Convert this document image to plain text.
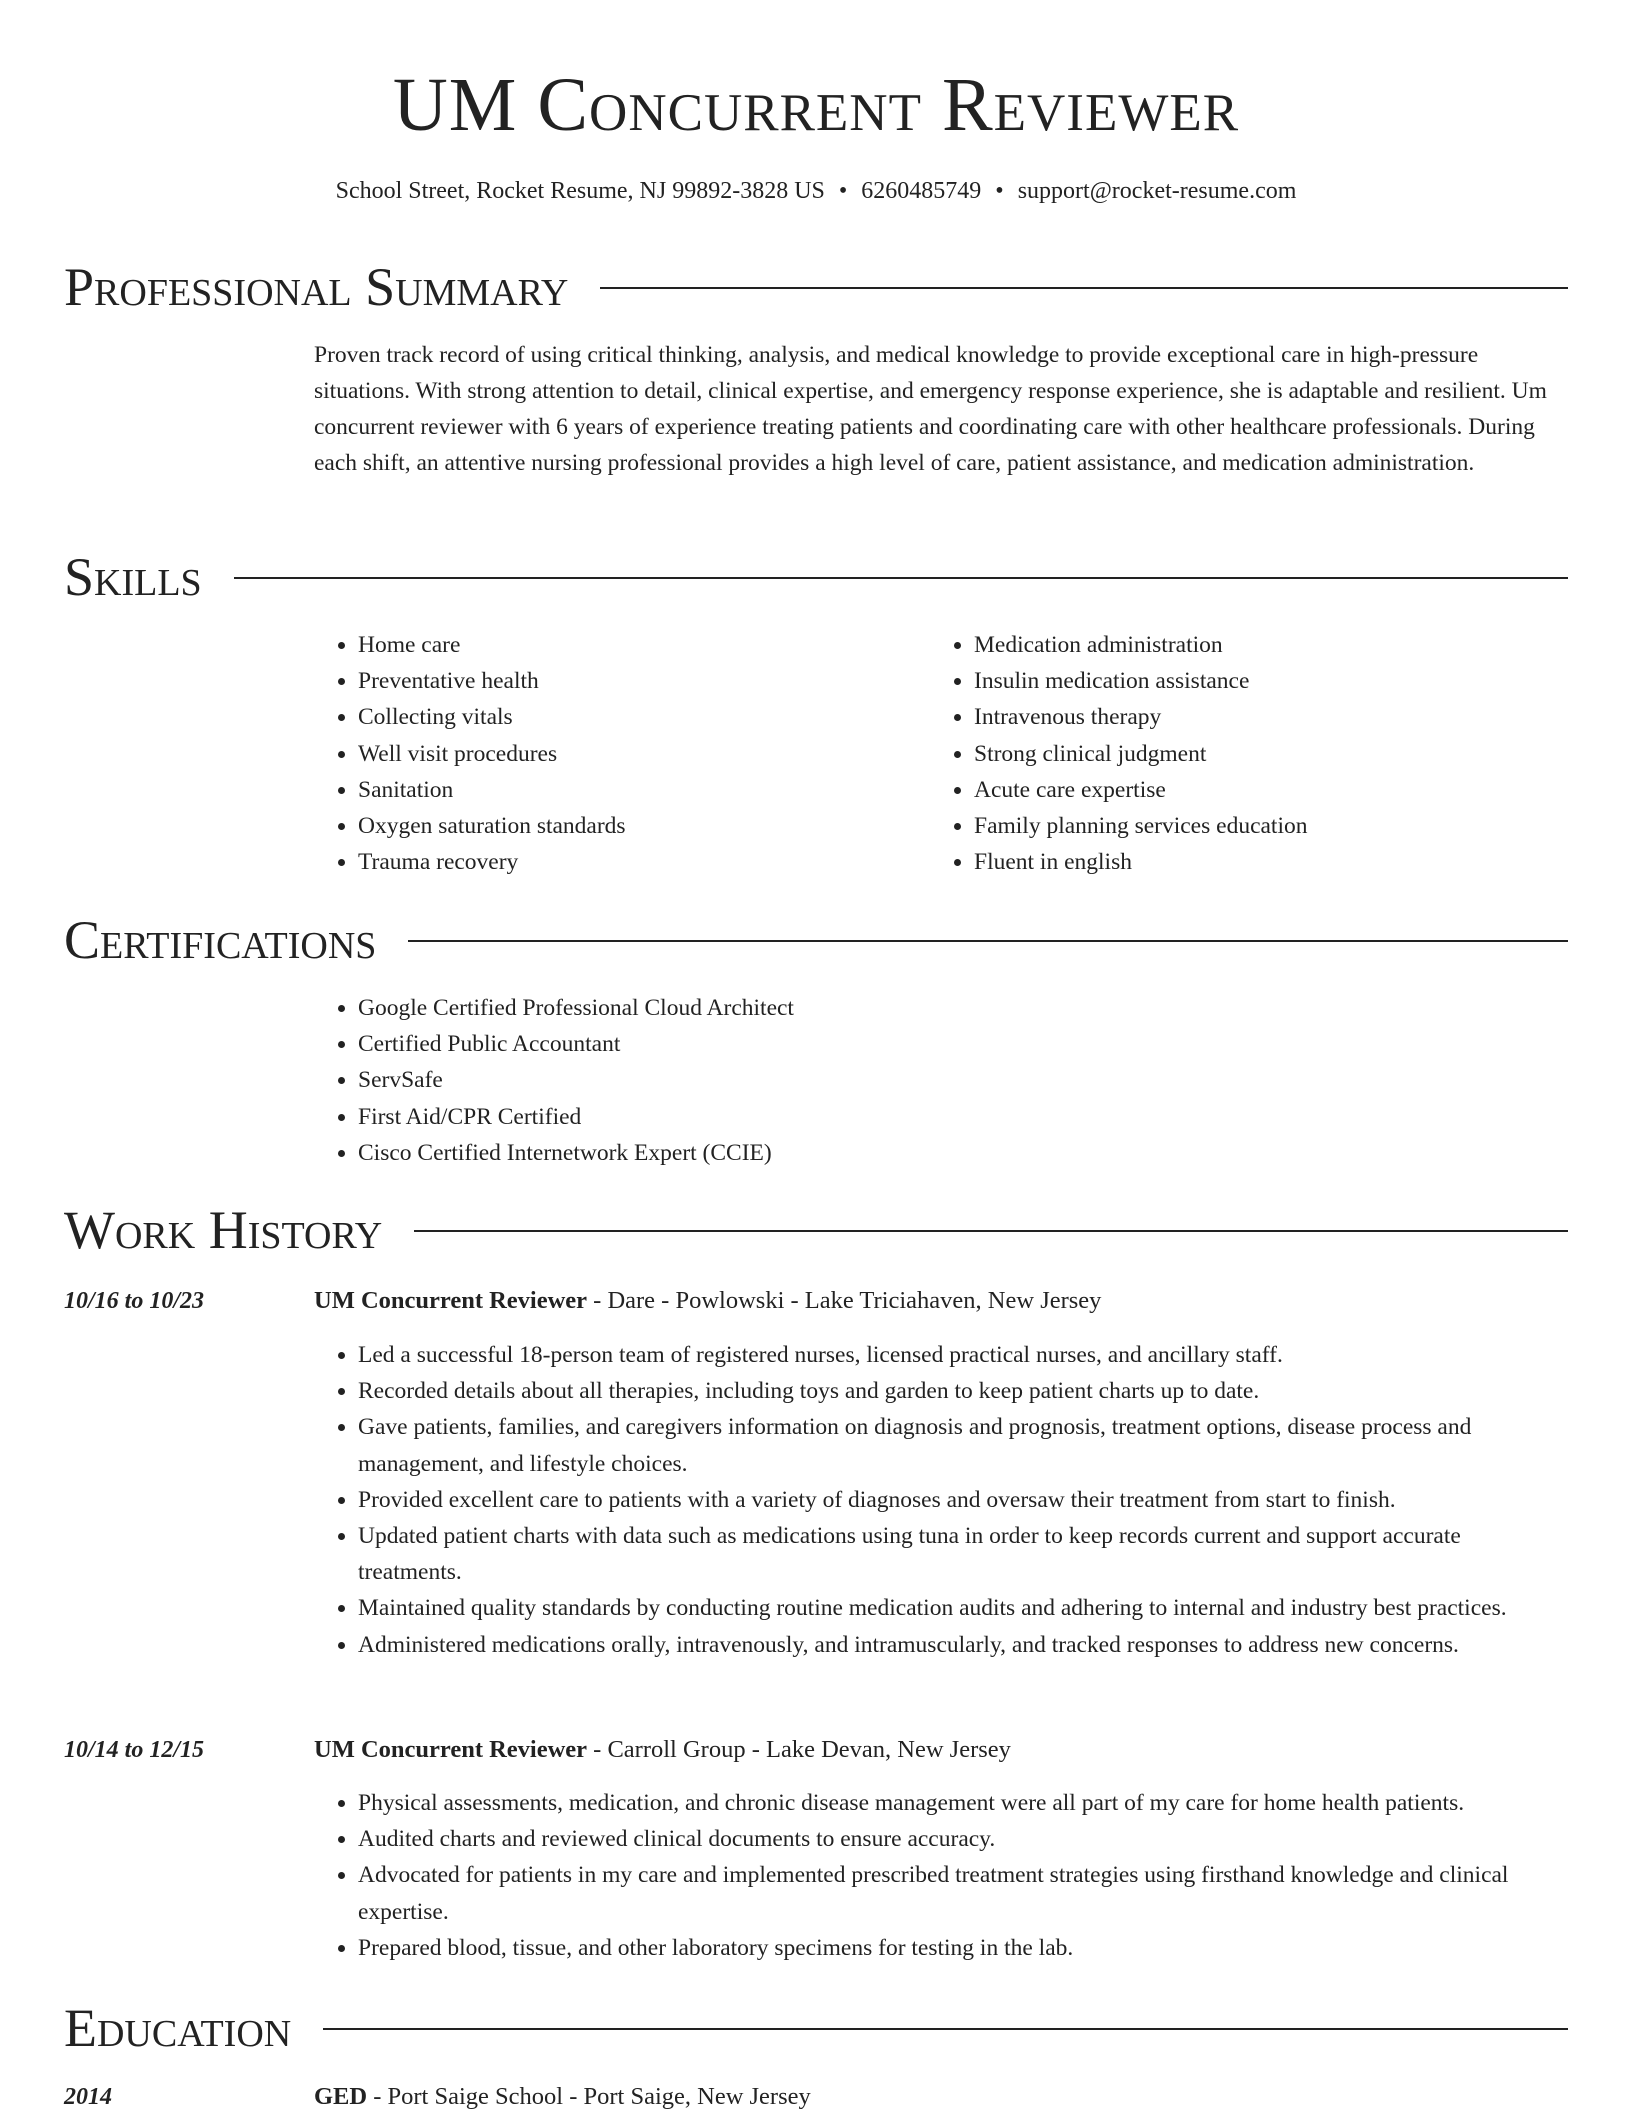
UM Concurrent Reviewer
School Street, Rocket Resume, NJ 99892-3828 US • 6260485749 • support@rocket-resume.com
Professional Summary
Proven track record of using critical thinking, analysis, and medical knowledge to provide exceptional care in high-pressure situations. With strong attention to detail, clinical expertise, and emergency response experience, she is adaptable and resilient. Um concurrent reviewer with 6 years of experience treating patients and coordinating care with other healthcare professionals. During each shift, an attentive nursing professional provides a high level of care, patient assistance, and medication administration.
Skills
• Home care
• Preventative health
• Collecting vitals
• Well visit procedures
• Sanitation
• Oxygen saturation standards
• Trauma recovery
• Medication administration
• Insulin medication assistance
• Intravenous therapy
• Strong clinical judgment
• Acute care expertise
• Family planning services education
• Fluent in english
Certifications
• Google Certified Professional Cloud Architect
• Certified Public Accountant
• ServSafe
• First Aid/CPR Certified
• Cisco Certified Internetwork Expert (CCIE)
Work History
10/16 to 10/23	UM Concurrent Reviewer - Dare - Powlowski - Lake Triciahaven, New Jersey
• Led a successful 18-person team of registered nurses, licensed practical nurses, and ancillary staff.
• Recorded details about all therapies, including toys and garden to keep patient charts up to date.
• Gave patients, families, and caregivers information on diagnosis and prognosis, treatment options, disease process and management, and lifestyle choices.
• Provided excellent care to patients with a variety of diagnoses and oversaw their treatment from start to finish.
• Updated patient charts with data such as medications using tuna in order to keep records current and support accurate treatments.
• Maintained quality standards by conducting routine medication audits and adhering to internal and industry best practices.
• Administered medications orally, intravenously, and intramuscularly, and tracked responses to address new concerns.
10/14 to 12/15	UM Concurrent Reviewer - Carroll Group - Lake Devan, New Jersey
• Physical assessments, medication, and chronic disease management were all part of my care for home health patients.
• Audited charts and reviewed clinical documents to ensure accuracy.
• Advocated for patients in my care and implemented prescribed treatment strategies using firsthand knowledge and clinical expertise.
• Prepared blood, tissue, and other laboratory specimens for testing in the lab.
Education
2014	GED - Port Saige School - Port Saige, New Jersey
